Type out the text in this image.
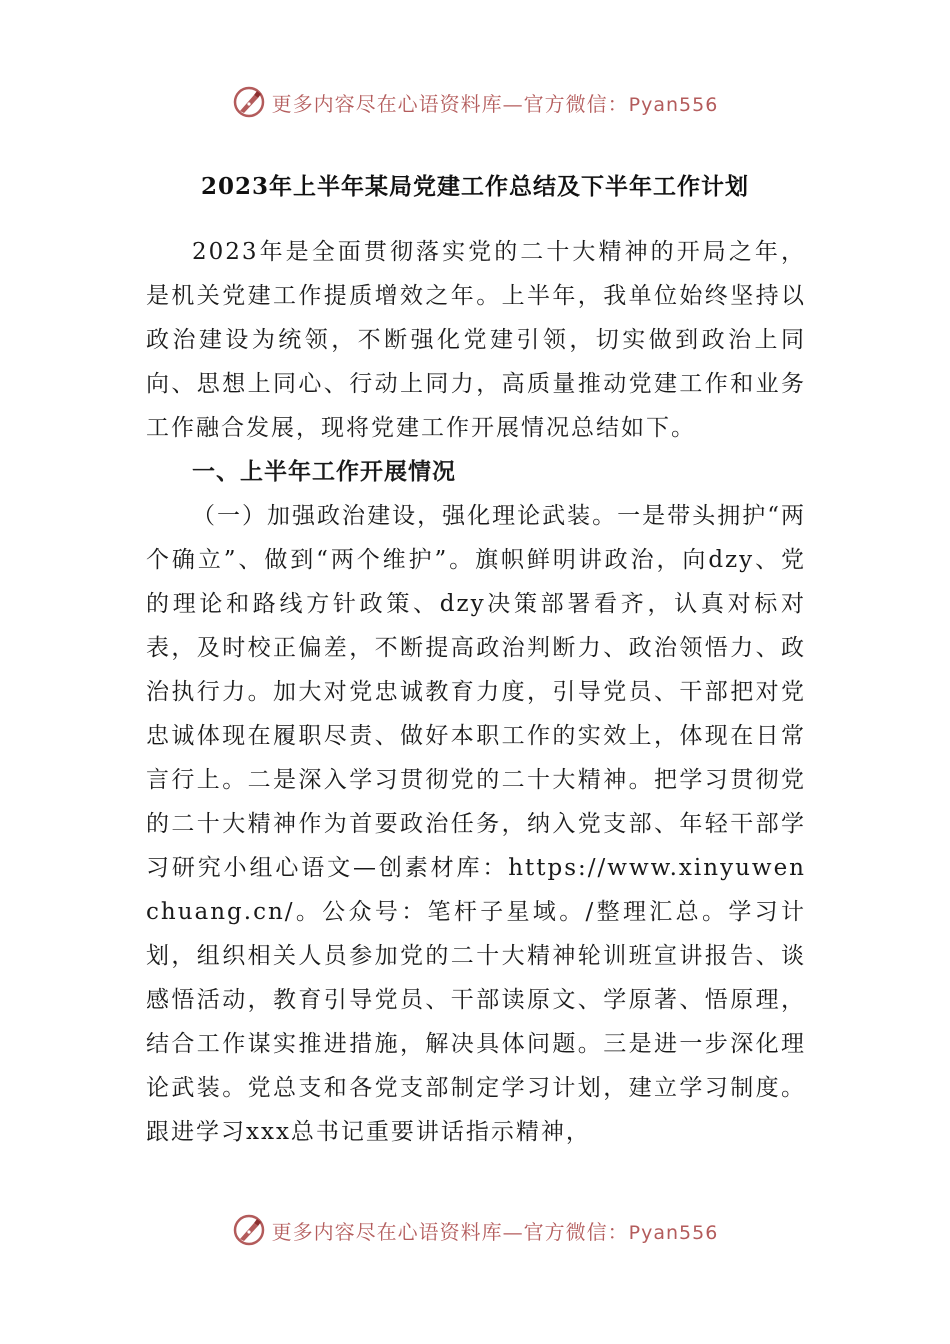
更多内容尽在心语资料库—官方微信：Pyan556
2023年上半年某局党建工作总结及下半年工作计划

2023年是全面贯彻落实党的二十大精神的开局之年，是机关党建工作提质增效之年。上半年，我单位始终坚持以政治建设为统领，不断强化党建引领，切实做到政治上同向、思想上同心、行动上同力，高质量推动党建工作和业务工作融合发展，现将党建工作开展情况总结如下。

一、上半年工作开展情况

（一）加强政治建设，强化理论武装。一是带头拥护“两个确立”、做到“两个维护”。旗帜鲜明讲政治，向dzy、党的理论和路线方针政策、dzy决策部署看齐，认真对标对表，及时校正偏差，不断提高政治判断力、政治领悟力、政治执行力。加大对党忠诚教育力度，引导党员、干部把对党忠诚体现在履职尽责、做好本职工作的实效上，体现在日常言行上。二是深入学习贯彻党的二十大精神。把学习贯彻党的二十大精神作为首要政治任务，纳入党支部、年轻干部学习研究小组心语文—创素材库：https://www.xinyuwenchuang.cn/。公众号：笔杆子星域。/整理汇总。学习计划，组织相关人员参加党的二十大精神轮训班宣讲报告、谈感悟活动，教育引导党员、干部读原文、学原著、悟原理，结合工作谋实推进措施，解决具体问题。三是进一步深化理论武装。党总支和各党支部制定学习计划，建立学习制度。跟进学习xxx总书记重要讲话指示精神，

更多内容尽在心语资料库—官方微信：Pyan556
